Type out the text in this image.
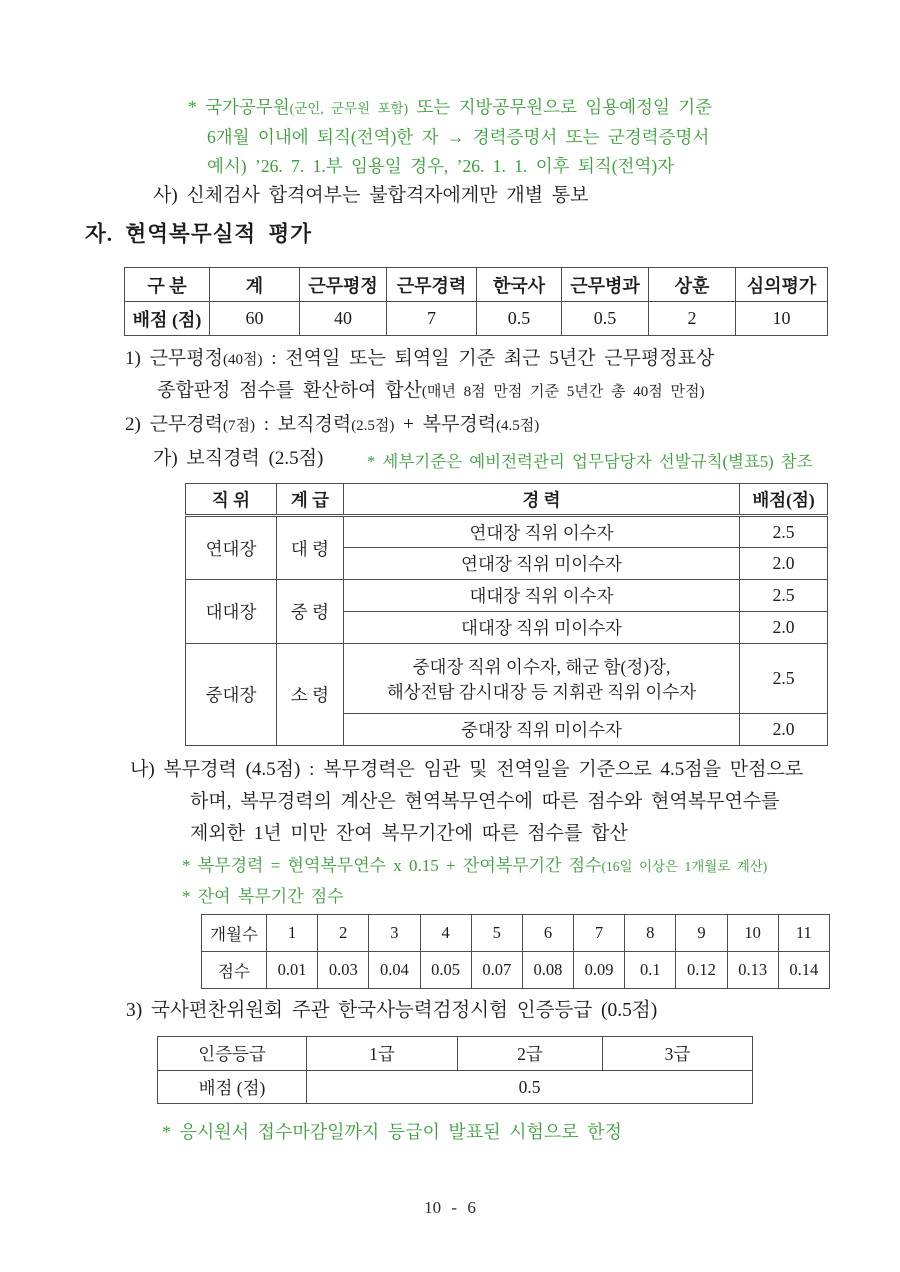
* 국가공무원(군인, 군무원 포함) 또는 지방공무원으로 임용예정일 기준
6개월 이내에 퇴직(전역)한 자 → 경력증명서 또는 군경력증명서
예시) ’26. 7. 1.부 임용일 경우, ’26. 1. 1. 이후 퇴직(전역)자
사) 신체검사 합격여부는 불합격자에게만 개별 통보
자. 현역복무실적 평가
구 분	계	근무평정	근무경력	한국사	근무병과	상훈	심의평가
배점 (점)	60	40	7	0.5	0.5	2	10
1) 근무평정(40점) : 전역일 또는 퇴역일 기준 최근 5년간 근무평정표상
종합판정 점수를 환산하여 합산(매년 8점 만점 기준 5년간 총 40점 만점)
2) 근무경력(7점) : 보직경력(2.5점) + 복무경력(4.5점)
가) 보직경력 (2.5점)	* 세부기준은 예비전력관리 업무담당자 선발규칙(별표5) 참조
직 위	계 급	경 력	배점(점)
연대장	대 령	연대장 직위 이수자	2.5
		연대장 직위 미이수자	2.0
대대장	중 령	대대장 직위 이수자	2.5
		대대장 직위 미이수자	2.0
중대장	소 령	중대장 직위 이수자, 해군 함(정)장,
해상전탐 감시대장 등 지휘관 직위 이수자	2.5
		중대장 직위 미이수자	2.0
나) 복무경력 (4.5점) : 복무경력은 임관 및 전역일을 기준으로 4.5점을 만점으로
하며, 복무경력의 계산은 현역복무연수에 따른 점수와 현역복무연수를
제외한 1년 미만 잔여 복무기간에 따른 점수를 합산
* 복무경력 = 현역복무연수 x 0.15 + 잔여복무기간 점수(16일 이상은 1개월로 계산)
* 잔여 복무기간 점수
개월수	1	2	3	4	5	6	7	8	9	10	11
점수	0.01	0.03	0.04	0.05	0.07	0.08	0.09	0.1	0.12	0.13	0.14
3) 국사편찬위원회 주관 한국사능력검정시험 인증등급 (0.5점)
인증등급	1급	2급	3급
배점 (점)	0.5		
* 응시원서 접수마감일까지 등급이 발표된 시험으로 한정
10 - 6
